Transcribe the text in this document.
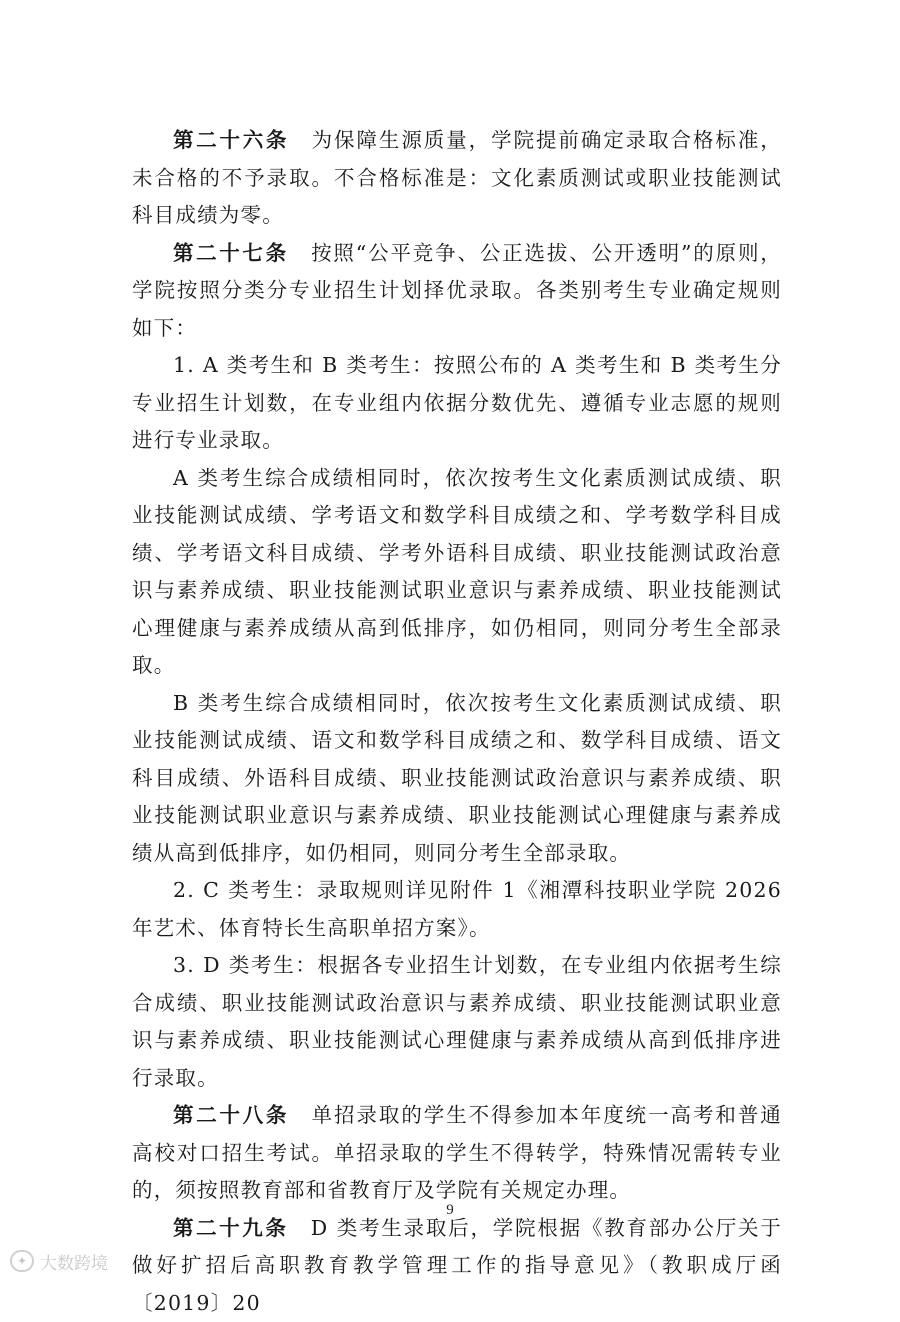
第二十六条　为保障生源质量，学院提前确定录取合格标准，未合格的不予录取。不合格标准是：文化素质测试或职业技能测试科目成绩为零。

第二十七条　按照“公平竞争、公正选拔、公开透明”的原则，学院按照分类分专业招生计划择优录取。各类别考生专业确定规则如下：

1. A 类考生和 B 类考生：按照公布的 A 类考生和 B 类考生分专业招生计划数，在专业组内依据分数优先、遵循专业志愿的规则进行专业录取。

A 类考生综合成绩相同时，依次按考生文化素质测试成绩、职业技能测试成绩、学考语文和数学科目成绩之和、学考数学科目成绩、学考语文科目成绩、学考外语科目成绩、职业技能测试政治意识与素养成绩、职业技能测试职业意识与素养成绩、职业技能测试心理健康与素养成绩从高到低排序，如仍相同，则同分考生全部录取。

B 类考生综合成绩相同时，依次按考生文化素质测试成绩、职业技能测试成绩、语文和数学科目成绩之和、数学科目成绩、语文科目成绩、外语科目成绩、职业技能测试政治意识与素养成绩、职业技能测试职业意识与素养成绩、职业技能测试心理健康与素养成绩从高到低排序，如仍相同，则同分考生全部录取。

2. C 类考生：录取规则详见附件 1《湘潭科技职业学院 2026 年艺术、体育特长生高职单招方案》。

3. D 类考生：根据各专业招生计划数，在专业组内依据考生综合成绩、职业技能测试政治意识与素养成绩、职业技能测试职业意识与素养成绩、职业技能测试心理健康与素养成绩从高到低排序进行录取。

第二十八条　单招录取的学生不得参加本年度统一高考和普通高校对口招生考试。单招录取的学生不得转学，特殊情况需转专业的，须按照教育部和省教育厅及学院有关规定办理。

第二十九条　D 类考生录取后，学院根据《教育部办公厅关于做好扩招后高职教育教学管理工作的指导意见》（教职成厅函〔2019〕20

9
✦ 大数跨境
